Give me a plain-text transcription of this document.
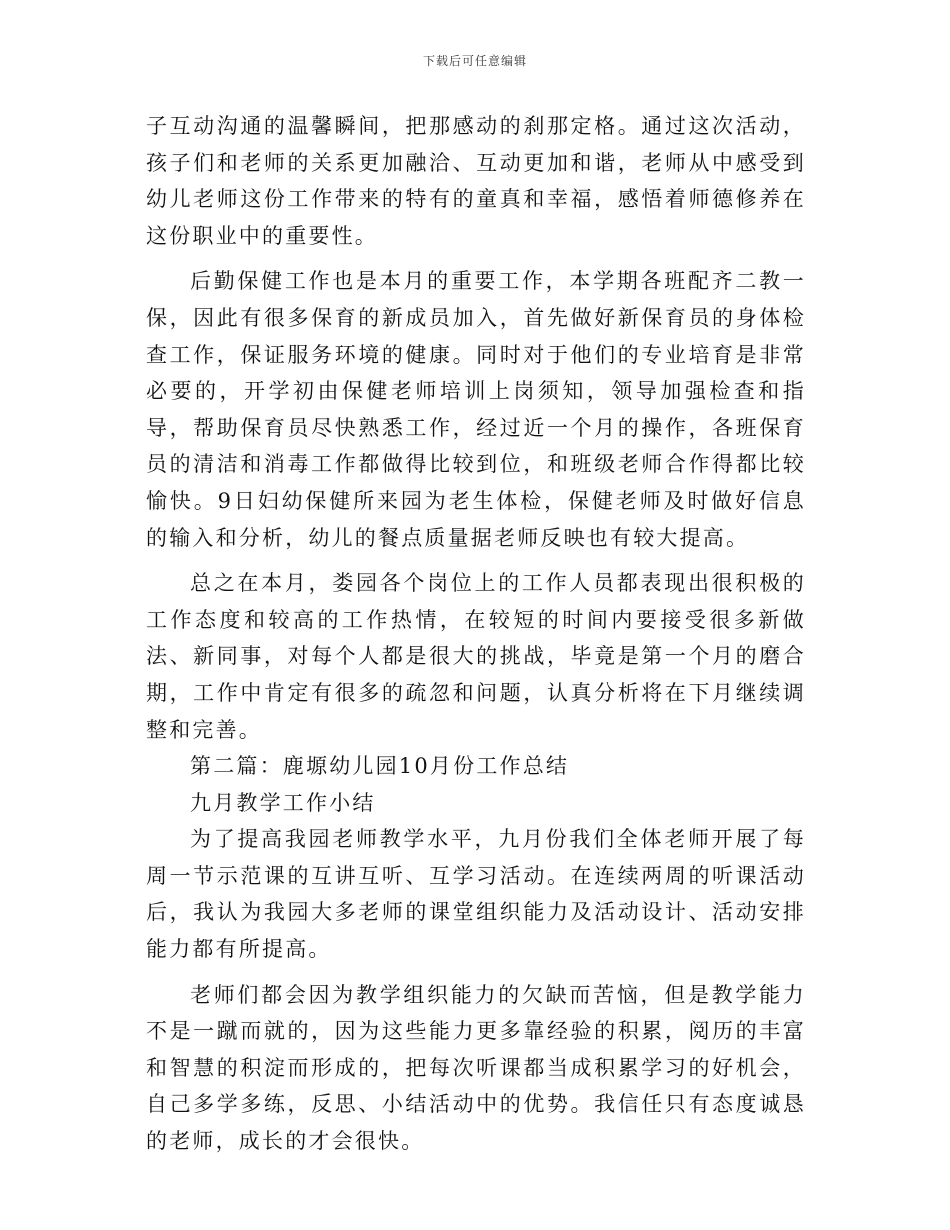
下载后可任意编辑

子互动沟通的温馨瞬间，把那感动的刹那定格。通过这次活动，孩子们和老师的关系更加融洽、互动更加和谐，老师从中感受到幼儿老师这份工作带来的特有的童真和幸福，感悟着师德修养在这份职业中的重要性。

后勤保健工作也是本月的重要工作，本学期各班配齐二教一保，因此有很多保育的新成员加入，首先做好新保育员的身体检查工作，保证服务环境的健康。同时对于他们的专业培育是非常必要的，开学初由保健老师培训上岗须知，领导加强检查和指导，帮助保育员尽快熟悉工作，经过近一个月的操作，各班保育员的清洁和消毒工作都做得比较到位，和班级老师合作得都比较愉快。9日妇幼保健所来园为老生体检，保健老师及时做好信息的输入和分析，幼儿的餐点质量据老师反映也有较大提高。

总之在本月，娄园各个岗位上的工作人员都表现出很积极的工作态度和较高的工作热情，在较短的时间内要接受很多新做法、新同事，对每个人都是很大的挑战，毕竟是第一个月的磨合期，工作中肯定有很多的疏忽和问题，认真分析将在下月继续调整和完善。

第二篇：鹿塬幼儿园10月份工作总结

九月教学工作小结

为了提高我园老师教学水平，九月份我们全体老师开展了每周一节示范课的互讲互听、互学习活动。在连续两周的听课活动后，我认为我园大多老师的课堂组织能力及活动设计、活动安排能力都有所提高。

老师们都会因为教学组织能力的欠缺而苦恼，但是教学能力不是一蹴而就的，因为这些能力更多靠经验的积累，阅历的丰富和智慧的积淀而形成的，把每次听课都当成积累学习的好机会，自己多学多练，反思、小结活动中的优势。我信任只有态度诚恳的老师，成长的才会很快。
